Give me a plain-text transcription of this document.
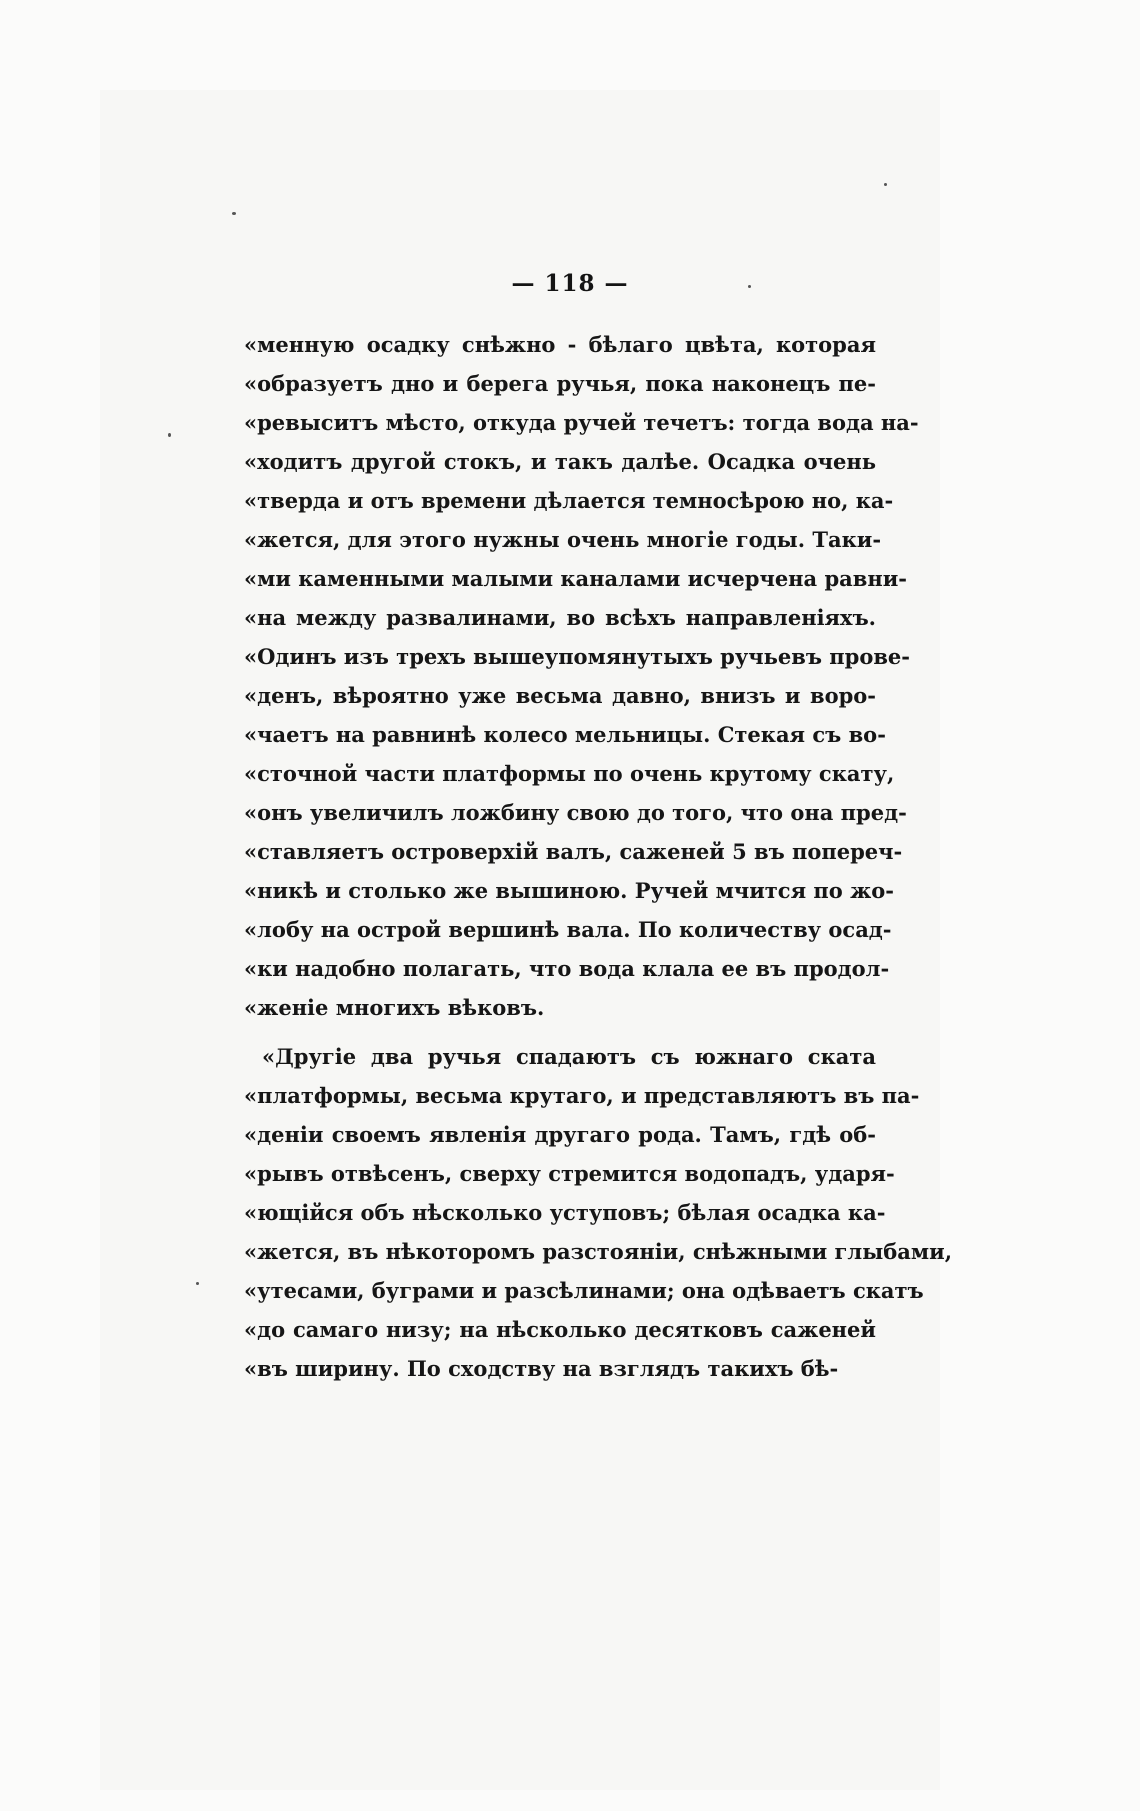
— 118 —
«менную осадку снѣжно - бѣлаго цвѣта, которая
«образуетъ дно и берега ручья, пока наконецъ пе-
«ревыситъ мѣсто, откуда ручей течетъ: тогда вода на-
«ходитъ другой стокъ, и такъ далѣе. Осадка очень
«тверда и отъ времени дѣлается темносѣрою но, ка-
«жется, для этого нужны очень многіе годы. Таки-
«ми каменными малыми каналами исчерчена равни-
«на между развалинами, во всѣхъ направленіяхъ.
«Одинъ изъ трехъ вышеупомянутыхъ ручьевъ прове-
«денъ, вѣроятно уже весьма давно, внизъ и воро-
«чаетъ на равнинѣ колесо мельницы. Стекая съ во-
«сточной части платформы по очень крутому скату,
«онъ увеличилъ ложбину свою до того, что она пред-
«ставляетъ островерхій валъ, саженей 5 въ попереч-
«никѣ и столько же вышиною. Ручей мчится по жо-
«лобу на острой вершинѣ вала. По количеству осад-
«ки надобно полагать, что вода клала ее въ продол-
«женіе многихъ вѣковъ.
«Другіе два ручья спадаютъ съ южнаго ската
«платформы, весьма крутаго, и представляютъ въ па-
«деніи своемъ явленія другаго рода. Тамъ, гдѣ об-
«рывъ отвѣсенъ, сверху стремится водопадъ, ударя-
«ющійся объ нѣсколько уступовъ; бѣлая осадка ка-
«жется, въ нѣкоторомъ разстояніи, снѣжными глыбами,
«утесами, буграми и разсѣлинами; она одѣваетъ скатъ
«до самаго низу; на нѣсколько десятковъ саженей
«въ ширину. По сходству на взглядъ такихъ бѣ-
